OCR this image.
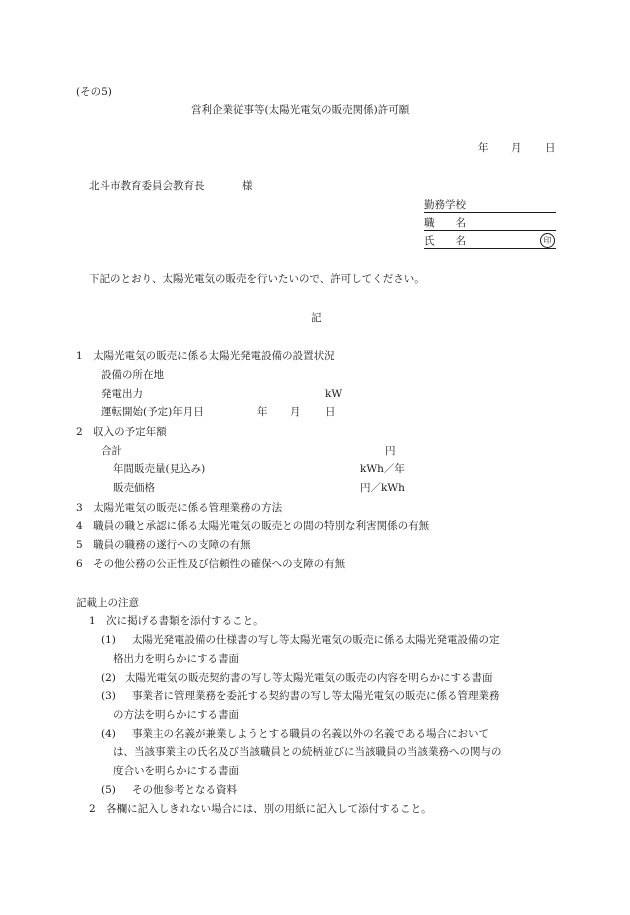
(その5)
営利企業従事等(太陽光電気の販売関係)許可願
年 月 日
北斗市教育委員会教育長	様
勤務学校
職　　名
氏　　名	印
下記のとおり、太陽光電気の販売を行いたいので、許可してください。
記
1　太陽光電気の販売に係る太陽光発電設備の設置状況
設備の所在地
発電出力	kW
運転開始(予定)年月日	年 月 日
2　収入の予定年額
合計	円
年間販売量(見込み)	kWh／年
販売価格	円／kWh
3　太陽光電気の販売に係る管理業務の方法
4　職員の職と承認に係る太陽光電気の販売との間の特別な利害関係の有無
5　職員の職務の遂行への支障の有無
6　その他公務の公正性及び信頼性の確保への支障の有無
記載上の注意
1　次に掲げる書類を添付すること。
(1) 太陽光発電設備の仕様書の写し等太陽光電気の販売に係る太陽光発電設備の定
格出力を明らかにする書面
(2) 太陽光電気の販売契約書の写し等太陽光電気の販売の内容を明らかにする書面
(3) 事業者に管理業務を委託する契約書の写し等太陽光電気の販売に係る管理業務
の方法を明らかにする書面
(4) 事業主の名義が兼業しようとする職員の名義以外の名義である場合において
は、当該事業主の氏名及び当該職員との続柄並びに当該職員の当該業務への関与の
度合いを明らかにする書面
(5) その他参考となる資料
2　各欄に記入しきれない場合には、別の用紙に記入して添付すること。
